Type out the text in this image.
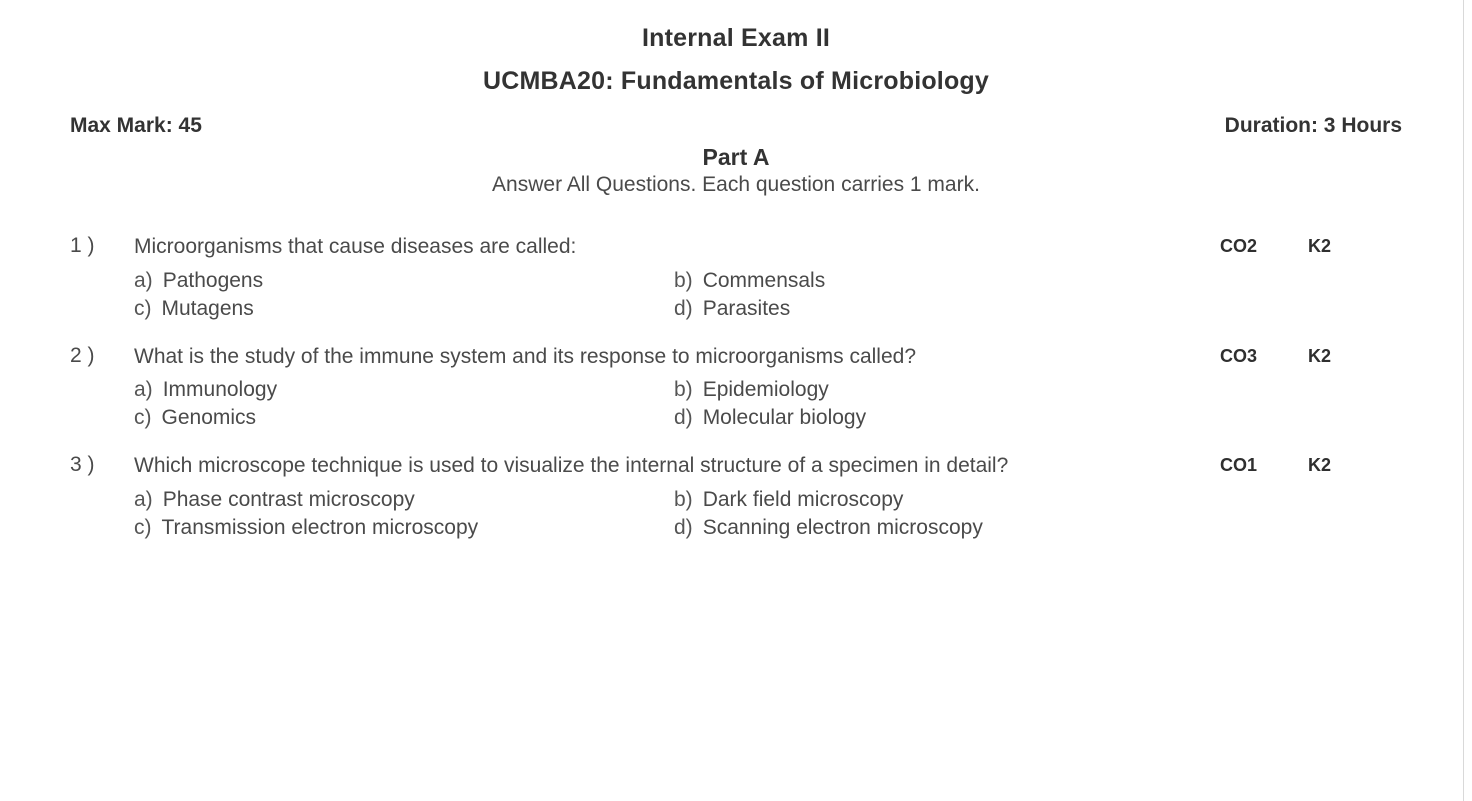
Internal Exam II
UCMBA20: Fundamentals of Microbiology
Max Mark: 45	Duration: 3 Hours
Part A
Answer All Questions. Each question carries 1 mark.
1 )	Microorganisms that cause diseases are called:	CO2	K2
a) Pathogens	b) Commensals
c) Mutagens	d) Parasites
2 )	What is the study of the immune system and its response to microorganisms called?	CO3	K2
a) Immunology	b) Epidemiology
c) Genomics	d) Molecular biology
3 )	Which microscope technique is used to visualize the internal structure of a specimen in detail?	CO1	K2
a) Phase contrast microscopy	b) Dark field microscopy
c) Transmission electron microscopy	d) Scanning electron microscopy
